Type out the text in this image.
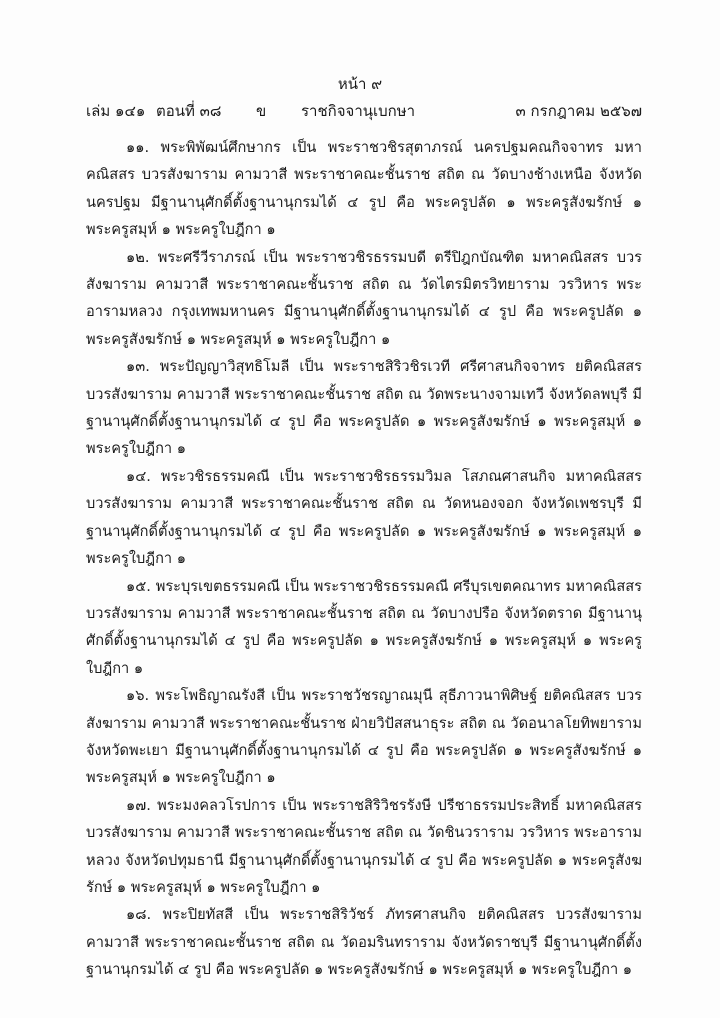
หน้า ๙
เล่ม ๑๔๑ ตอนที่ ๓๘ ข ราชกิจจานุเบกษา	๓ กรกฎาคม ๒๕๖๗

๑๑. พระพิพัฒน์ศึกษากร เป็น พระราชวชิรสุตาภรณ์ นครปฐมคณกิจจาทร มหาคณิสสร บวรสังฆาราม คามวาสี พระราชาคณะชั้นราช สถิต ณ วัดบางช้างเหนือ จังหวัดนครปฐม มีฐานานุศักดิ์ตั้งฐานานุกรมได้ ๔ รูป คือ พระครูปลัด ๑ พระครูสังฆรักษ์ ๑ พระครูสมุห์ ๑ พระครูใบฎีกา ๑

๑๒. พระศรีวีราภรณ์ เป็น พระราชวชิรธรรมบดี ตรีปิฎกบัณฑิต มหาคณิสสร บวรสังฆาราม คามวาสี พระราชาคณะชั้นราช สถิต ณ วัดไตรมิตรวิทยาราม วรวิหาร พระอารามหลวง กรุงเทพมหานคร มีฐานานุศักดิ์ตั้งฐานานุกรมได้ ๔ รูป คือ พระครูปลัด ๑ พระครูสังฆรักษ์ ๑ พระครูสมุห์ ๑ พระครูใบฎีกา ๑

๑๓. พระปัญญาวิสุทธิโมลี เป็น พระราชสิริวชิรเวที ศรีศาสนกิจจาทร ยติคณิสสร บวรสังฆาราม คามวาสี พระราชาคณะชั้นราช สถิต ณ วัดพระนางจามเทวี จังหวัดลพบุรี มีฐานานุศักดิ์ตั้งฐานานุกรมได้ ๔ รูป คือ พระครูปลัด ๑ พระครูสังฆรักษ์ ๑ พระครูสมุห์ ๑ พระครูใบฎีกา ๑

๑๔. พระวชิรธรรมคณี เป็น พระราชวชิรธรรมวิมล โสภณศาสนกิจ มหาคณิสสร บวรสังฆาราม คามวาสี พระราชาคณะชั้นราช สถิต ณ วัดหนองจอก จังหวัดเพชรบุรี มีฐานานุศักดิ์ตั้งฐานานุกรมได้ ๔ รูป คือ พระครูปลัด ๑ พระครูสังฆรักษ์ ๑ พระครูสมุห์ ๑ พระครูใบฎีกา ๑

๑๕. พระบุรเขตธรรมคณี เป็น พระราชวชิรธรรมคณี ศรีบุรเขตคณาทร มหาคณิสสร บวรสังฆาราม คามวาสี พระราชาคณะชั้นราช สถิต ณ วัดบางปรือ จังหวัดตราด มีฐานานุศักดิ์ตั้งฐานานุกรมได้ ๔ รูป คือ พระครูปลัด ๑ พระครูสังฆรักษ์ ๑ พระครูสมุห์ ๑ พระครูใบฎีกา ๑

๑๖. พระโพธิญาณรังสี เป็น พระราชวัชรญาณมุนี สุธีภาวนาพิศิษฐ์ ยติคณิสสร บวรสังฆาราม คามวาสี พระราชาคณะชั้นราช ฝ่ายวิปัสสนาธุระ สถิต ณ วัดอนาลโยทิพยาราม จังหวัดพะเยา มีฐานานุศักดิ์ตั้งฐานานุกรมได้ ๔ รูป คือ พระครูปลัด ๑ พระครูสังฆรักษ์ ๑ พระครูสมุห์ ๑ พระครูใบฎีกา ๑

๑๗. พระมงคลวโรปการ เป็น พระราชสิริวิชรรังษี ปรีชาธรรมประสิทธิ์ มหาคณิสสร บวรสังฆาราม คามวาสี พระราชาคณะชั้นราช สถิต ณ วัดชินวราราม วรวิหาร พระอารามหลวง จังหวัดปทุมธานี มีฐานานุศักดิ์ตั้งฐานานุกรมได้ ๔ รูป คือ พระครูปลัด ๑ พระครูสังฆรักษ์ ๑ พระครูสมุห์ ๑ พระครูใบฎีกา ๑

๑๘. พระปิยทัสสี เป็น พระราชสิริวัชร์ ภัทรศาสนกิจ ยติคณิสสร บวรสังฆาราม คามวาสี พระราชาคณะชั้นราช สถิต ณ วัดอมรินทราราม จังหวัดราชบุรี มีฐานานุศักดิ์ตั้งฐานานุกรมได้ ๔ รูป คือ พระครูปลัด ๑ พระครูสังฆรักษ์ ๑ พระครูสมุห์ ๑ พระครูใบฎีกา ๑
